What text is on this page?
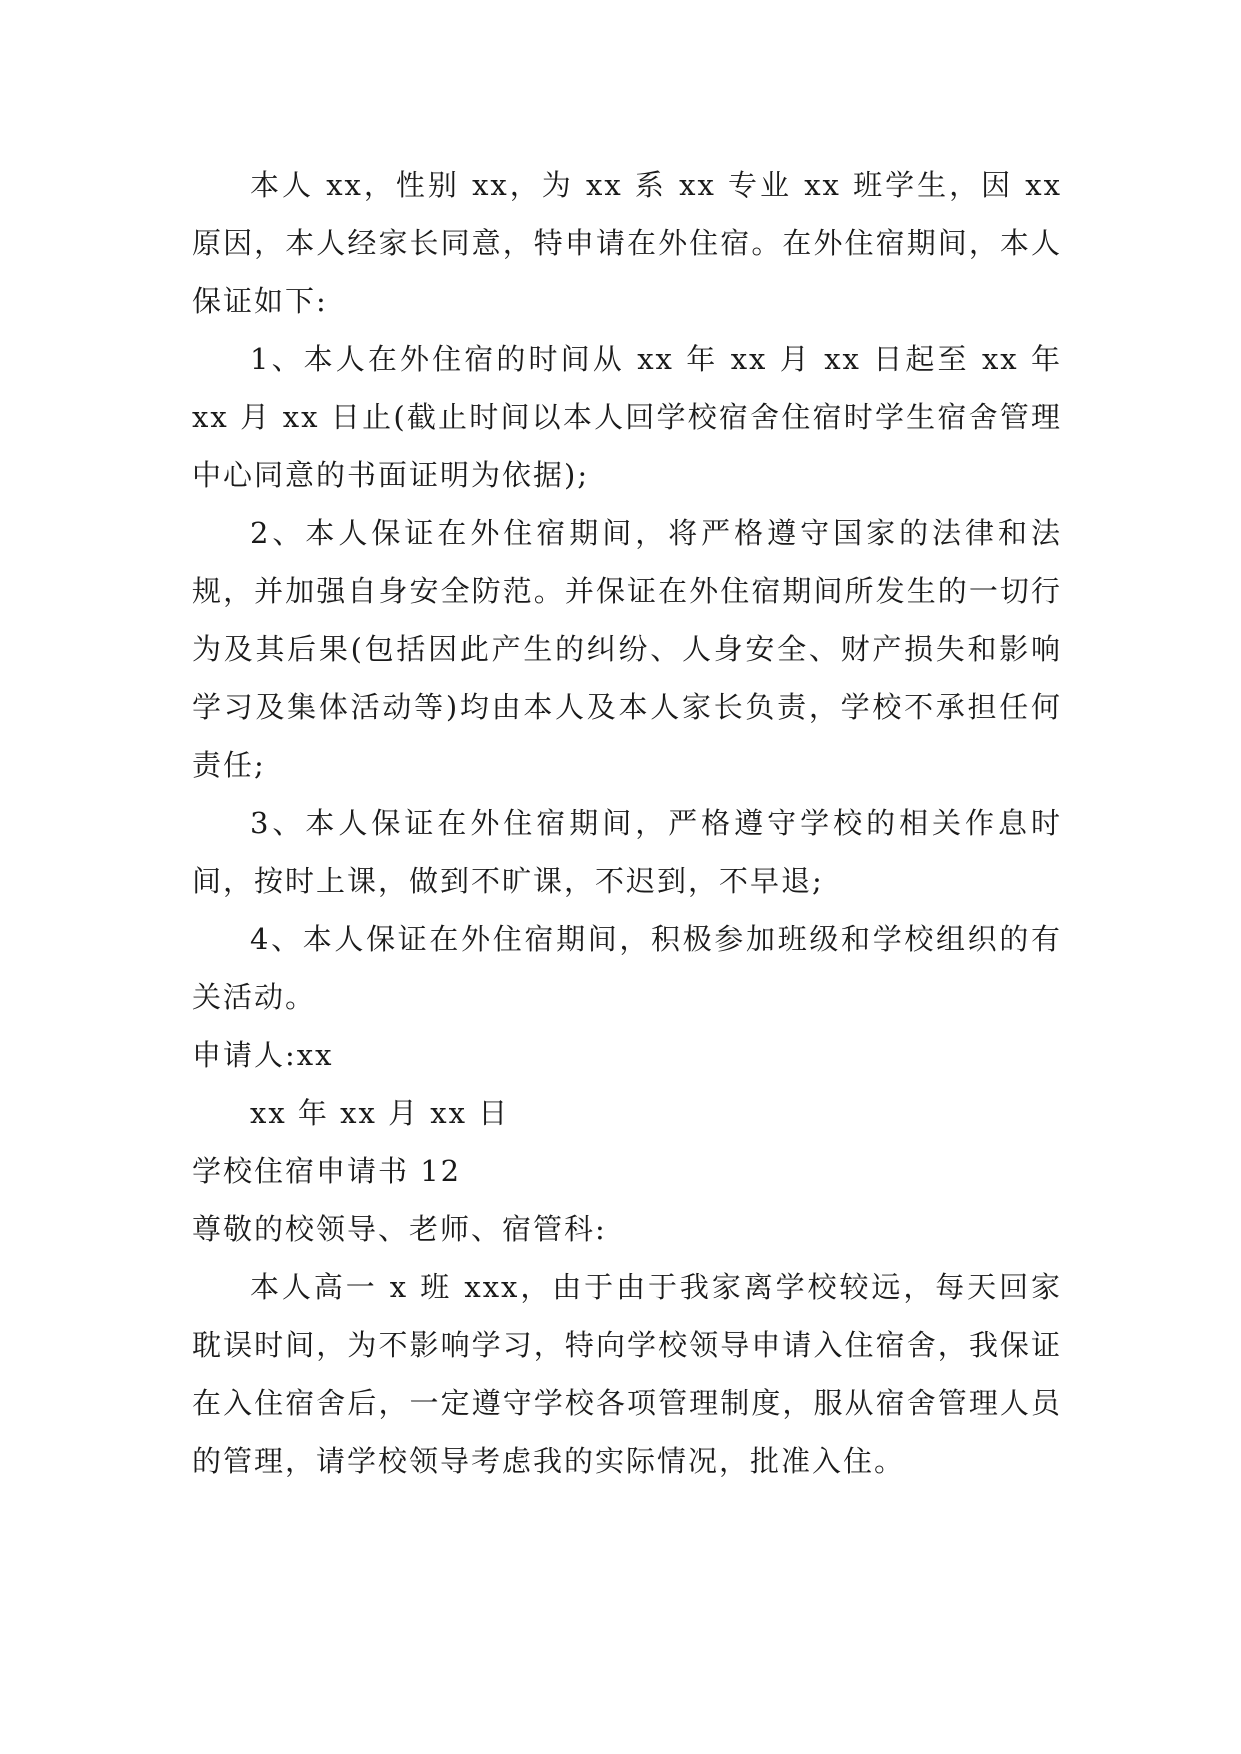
本人 xx，性别 xx，为 xx 系 xx 专业 xx 班学生，因 xx 原因，本人经家长同意，特申请在外住宿。在外住宿期间，本人保证如下:

1、本人在外住宿的时间从 xx 年 xx 月 xx 日起至 xx 年 xx 月 xx 日止(截止时间以本人回学校宿舍住宿时学生宿舍管理中心同意的书面证明为依据);

2、本人保证在外住宿期间，将严格遵守国家的法律和法规，并加强自身安全防范。并保证在外住宿期间所发生的一切行为及其后果(包括因此产生的纠纷、人身安全、财产损失和影响学习及集体活动等)均由本人及本人家长负责，学校不承担任何责任;

3、本人保证在外住宿期间，严格遵守学校的相关作息时间，按时上课，做到不旷课，不迟到，不早退;

4、本人保证在外住宿期间，积极参加班级和学校组织的有关活动。

申请人:xx

xx 年 xx 月 xx 日

学校住宿申请书 12

尊敬的校领导、老师、宿管科:

本人高一 x 班 xxx，由于由于我家离学校较远，每天回家耽误时间，为不影响学习，特向学校领导申请入住宿舍，我保证在入住宿舍后，一定遵守学校各项管理制度，服从宿舍管理人员的管理，请学校领导考虑我的实际情况，批准入住。
